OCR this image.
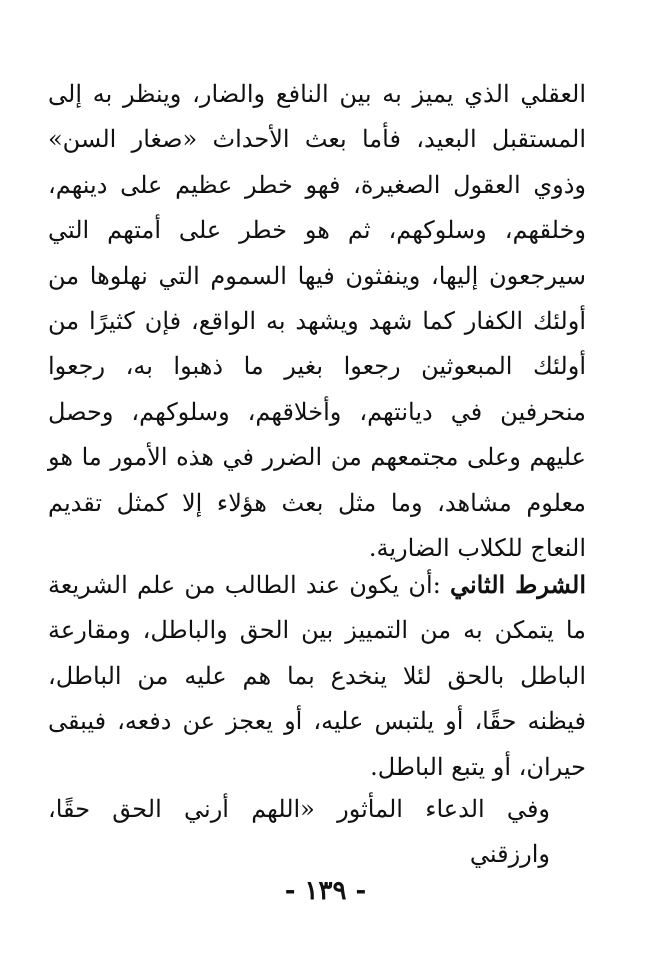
العقلي الذي يميز به بين النافع والضار، وينظر به إلى المستقبل البعيد، فأما بعث الأحداث «صغار السن» وذوي العقول الصغيرة، فهو خطر عظيم على دينهم، وخلقهم، وسلوكهم، ثم هو خطر على أمتهم التي سيرجعون إليها، وينفثون فيها السموم التي نهلوها من أولئك الكفار كما شهد ويشهد به الواقع، فإن كثيرًا من أولئك المبعوثين رجعوا بغير ما ذهبوا به، رجعوا منحرفين في ديانتهم، وأخلاقهم، وسلوكهم، وحصل عليهم وعلى مجتمعهم من الضرر في هذه الأمور ما هو معلوم مشاهد، وما مثل بعث هؤلاء إلا كمثل تقديم النعاج للكلاب الضارية.

الشرط الثاني :أن يكون عند الطالب من علم الشريعة ما يتمكن به من التمييز بين الحق والباطل، ومقارعة الباطل بالحق لئلا ينخدع بما هم عليه من الباطل، فيظنه حقًا، أو يلتبس عليه، أو يعجز عن دفعه، فيبقى حيران، أو يتبع الباطل.

وفي الدعاء المأثور «اللهم أرني الحق حقًا، وارزقني

- ١٣٩ -
